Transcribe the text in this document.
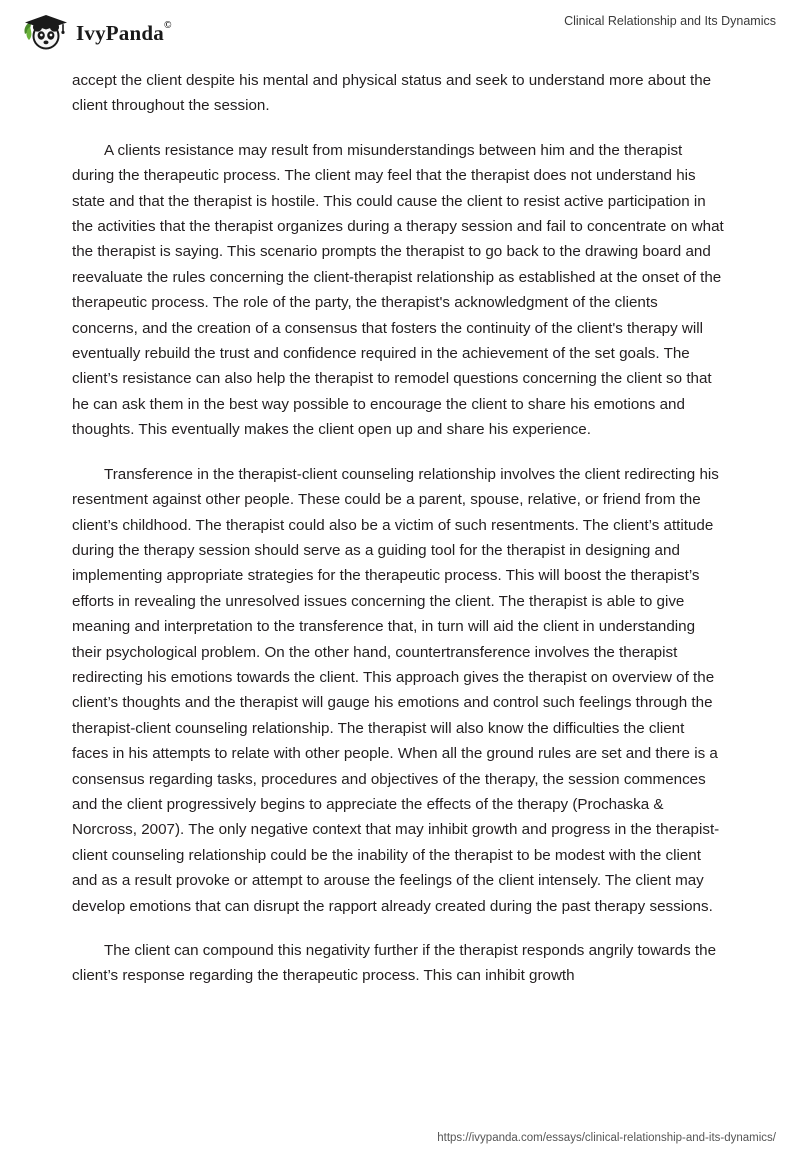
IvyPanda©	Clinical Relationship and Its Dynamics

accept the client despite his mental and physical status and seek to understand more about the client throughout the session.

A clients resistance may result from misunderstandings between him and the therapist during the therapeutic process. The client may feel that the therapist does not understand his state and that the therapist is hostile. This could cause the client to resist active participation in the activities that the therapist organizes during a therapy session and fail to concentrate on what the therapist is saying. This scenario prompts the therapist to go back to the drawing board and reevaluate the rules concerning the client-therapist relationship as established at the onset of the therapeutic process. The role of the party, the therapist's acknowledgment of the clients concerns, and the creation of a consensus that fosters the continuity of the client's therapy will eventually rebuild the trust and confidence required in the achievement of the set goals. The client’s resistance can also help the therapist to remodel questions concerning the client so that he can ask them in the best way possible to encourage the client to share his emotions and thoughts. This eventually makes the client open up and share his experience.

Transference in the therapist-client counseling relationship involves the client redirecting his resentment against other people. These could be a parent, spouse, relative, or friend from the client’s childhood. The therapist could also be a victim of such resentments. The client’s attitude during the therapy session should serve as a guiding tool for the therapist in designing and implementing appropriate strategies for the therapeutic process. This will boost the therapist’s efforts in revealing the unresolved issues concerning the client. The therapist is able to give meaning and interpretation to the transference that, in turn will aid the client in understanding their psychological problem. On the other hand, countertransference involves the therapist redirecting his emotions towards the client. This approach gives the therapist on overview of the client’s thoughts and the therapist will gauge his emotions and control such feelings through the therapist-client counseling relationship. The therapist will also know the difficulties the client faces in his attempts to relate with other people. When all the ground rules are set and there is a consensus regarding tasks, procedures and objectives of the therapy, the session commences and the client progressively begins to appreciate the effects of the therapy (Prochaska & Norcross, 2007). The only negative context that may inhibit growth and progress in the therapist-client counseling relationship could be the inability of the therapist to be modest with the client and as a result provoke or attempt to arouse the feelings of the client intensely. The client may develop emotions that can disrupt the rapport already created during the past therapy sessions.

The client can compound this negativity further if the therapist responds angrily towards the client’s response regarding the therapeutic process. This can inhibit growth

https://ivypanda.com/essays/clinical-relationship-and-its-dynamics/
